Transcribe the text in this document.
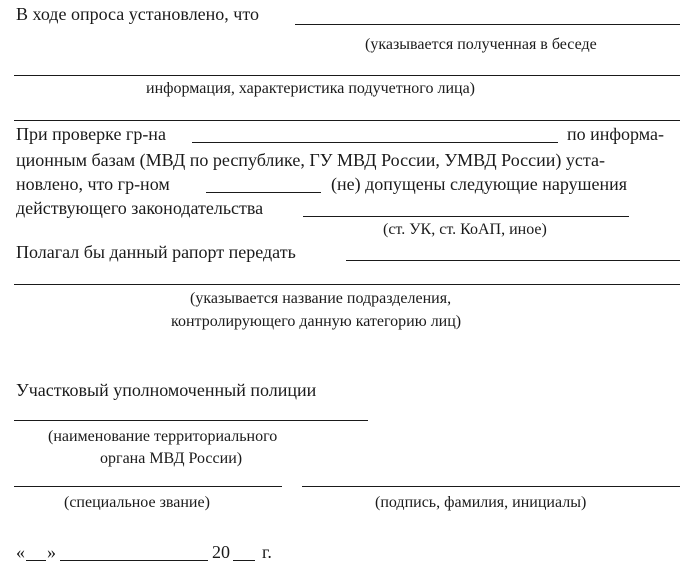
В ходе опроса установлено, что
(указывается полученная в беседе
информация, характеристика подучетного лица)
При проверке гр-на	по информа-
ционным базам (МВД по республике, ГУ МВД России, УМВД России) уста-
новлено, что гр-ном	(не) допущены следующие нарушения
действующего законодательства
(ст. УК, ст. КоАП, иное)
Полагал бы данный рапорт передать
(указывается название подразделения,
контролирующего данную категорию лиц)
Участковый уполномоченный полиции
(наименование территориального
органа МВД России)
(специальное звание)	(подпись, фамилия, инициалы)
« »	20 г.
